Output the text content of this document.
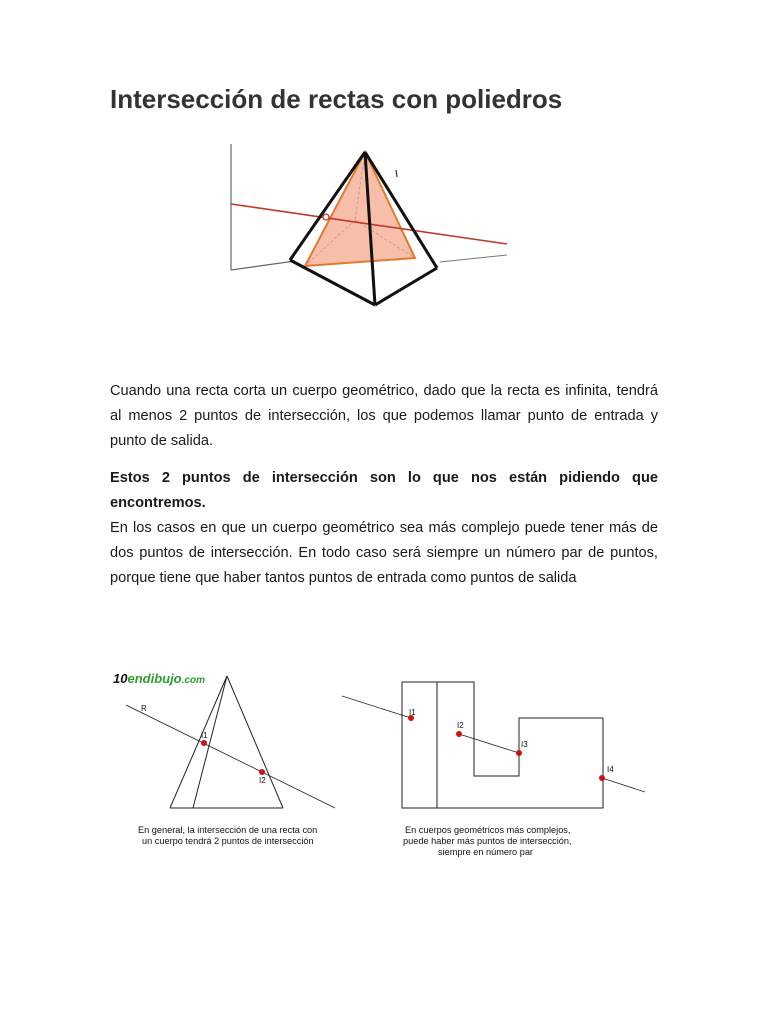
Intersección de rectas con poliedros

Cuando una recta corta un cuerpo geométrico, dado que la recta es infinita, tendrá al menos 2 puntos de intersección, los que podemos llamar punto de entrada y punto de salida.

Estos 2 puntos de intersección son lo que nos están pidiendo que encontremos.

En los casos en que un cuerpo geométrico sea más complejo puede tener más de dos puntos de intersección. En todo caso será siempre un número par de puntos, porque tiene que haber tantos puntos de entrada como puntos de salida

10endibujo.com
R
I1
I2
En general, la intersección de una recta con
un cuerpo tendrá 2 puntos de intersección
I1
I2
I3
I4
En cuerpos geométricos más complejos,
puede haber más puntos de intersección,
siempre en número par
